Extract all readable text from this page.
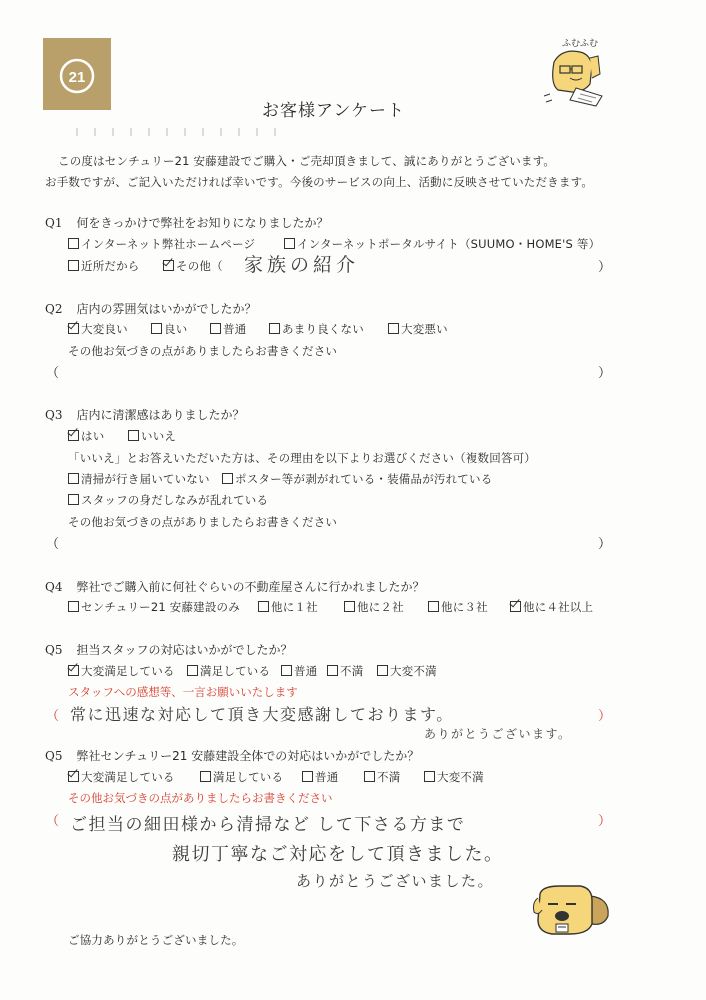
21
お客様アンケート
ふむふむ
この度はセンチュリー21 安藤建設でご購入・ご売却頂きまして、誠にありがとうございます。
お手数ですが、ご記入いただければ幸いです。今後のサービスの向上、活動に反映させていただきます。
Q1 何をきっかけで弊社をお知りになりましたか？
インターネット弊社ホームページ	インターネットポータルサイト（SUUMO・HOME'S 等）
近所だから	その他（ 家族の紹介	）
Q2 店内の雰囲気はいかがでしたか？
大変良い	良い	普通	あまり良くない	大変悪い
その他お気づきの点がありましたらお書きください
（	）
Q3 店内に清潔感はありましたか？
はい	いいえ
「いいえ」とお答えいただいた方は、その理由を以下よりお選びください（複数回答可）
清掃が行き届いていない	ポスター等が剥がれている・装備品が汚れている
スタッフの身だしなみが乱れている
その他お気づきの点がありましたらお書きください
（	）
Q4 弊社でご購入前に何社ぐらいの不動産屋さんに行かれましたか？
センチュリー21 安藤建設のみ	他に１社	他に２社	他に３社	他に４社以上
Q5 担当スタッフの対応はいかがでしたか？
大変満足している	満足している	普通	不満	大変不満
スタッフへの感想等、一言お願いいたします
（ 常に迅速な対応して頂き大変感謝しております。	）
ありがとうございます。
Q5 弊社センチュリー21 安藤建設全体での対応はいかがでしたか？
大変満足している	満足している	普通	不満	大変不満
その他お気づきの点がありましたらお書きください
（ ご担当の細田様から清掃など して下さる方まで	）
親切丁寧なご対応をして頂きました。
ありがとうございました。
ご協力ありがとうございました。
